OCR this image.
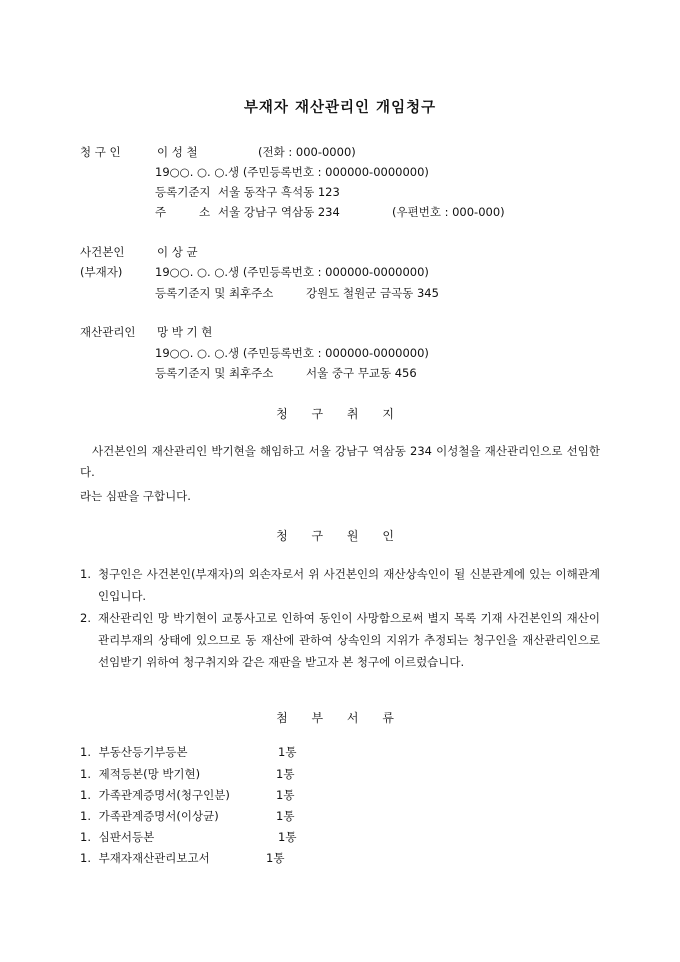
부재자 재산관리인 개임청구
청 구 인	이 성 철	(전화 : 000-0000)
19○○. ○. ○.생 (주민등록번호 : 000000-0000000)
등록기준지 서울 동작구 흑석동 123
주         소 서울 강남구 역삼동 234	(우편번호 : 000-000)
사건본인	이 상 균
(부재자)	19○○. ○. ○.생 (주민등록번호 : 000000-0000000)
등록기준지 및 최후주소	강원도 철원군 금곡동 345
재산관리인 망 박 기 현
19○○. ○. ○.생 (주민등록번호 : 000000-0000000)
등록기준지 및 최후주소	서울 중구 무교동 456
청 구 취 지
사건본인의 재산관리인 박기현을 해임하고 서울 강남구 역삼동 234 이성철을 재산관리인으로 선임한다.
라는 심판을 구합니다.
청 구 원 인
1. 청구인은 사건본인(부재자)의 외손자로서 위 사건본인의 재산상속인이 될 신분관계에 있는 이해관계인입니다.
2. 재산관리인 망 박기현이 교통사고로 인하여 동인이 사망함으로써 별지 목록 기재 사건본인의 재산이 관리부재의 상태에 있으므로 동 재산에 관하여 상속인의 지위가 추정되는 청구인을 재산관리인으로 선임받기 위하여 청구취지와 같은 재판을 받고자 본 청구에 이르렀습니다.
첨 부 서 류
1. 부동산등기부등본	1통
1. 제적등본(망 박기현)	1통
1. 가족관계증명서(청구인분)	1통
1. 가족관계증명서(이상균)	1통
1. 심판서등본	1통
1. 부재자재산관리보고서	1통
